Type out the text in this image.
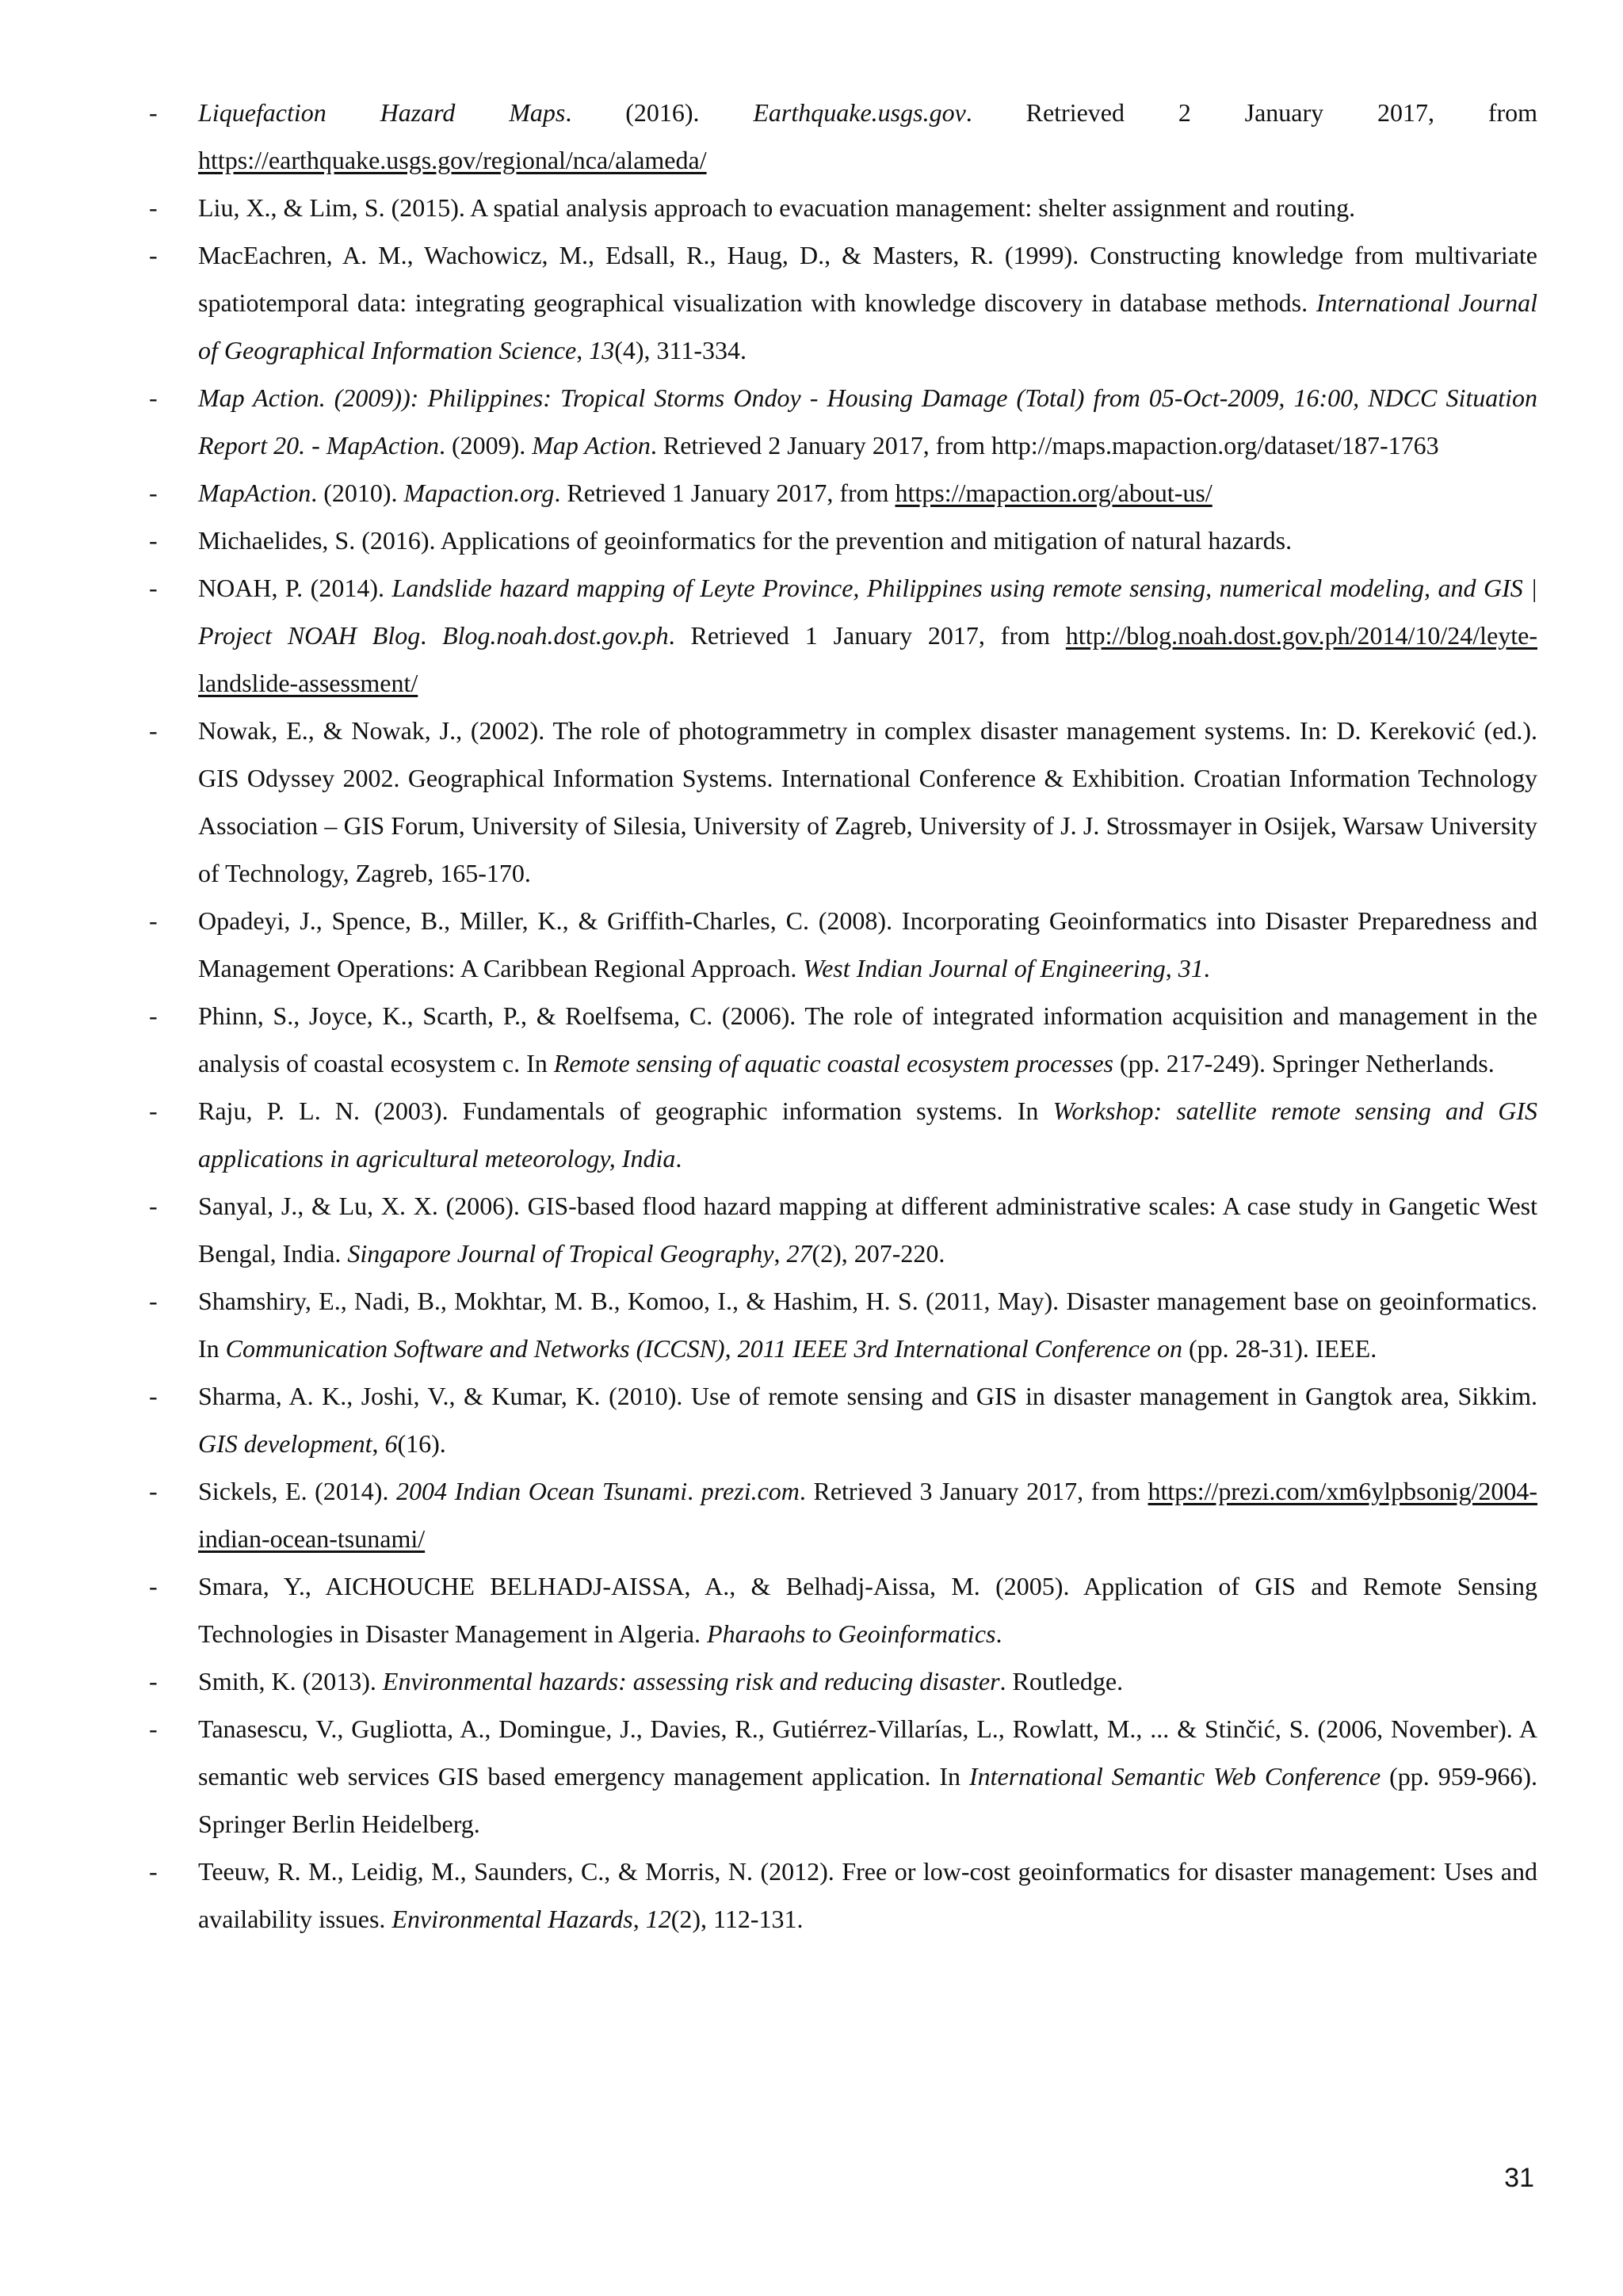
- Liquefaction Hazard Maps. (2016). Earthquake.usgs.gov. Retrieved 2 January 2017, from https://earthquake.usgs.gov/regional/nca/alameda/
- Liu, X., & Lim, S. (2015). A spatial analysis approach to evacuation management: shelter assignment and routing.
- MacEachren, A. M., Wachowicz, M., Edsall, R., Haug, D., & Masters, R. (1999). Constructing knowledge from multivariate spatiotemporal data: integrating geographical visualization with knowledge discovery in database methods. International Journal of Geographical Information Science, 13(4), 311-334.
- Map Action. (2009)): Philippines: Tropical Storms Ondoy - Housing Damage (Total) from 05-Oct-2009, 16:00, NDCC Situation Report 20. - MapAction. (2009). Map Action. Retrieved 2 January 2017, from http://maps.mapaction.org/dataset/187-1763
- MapAction. (2010). Mapaction.org. Retrieved 1 January 2017, from https://mapaction.org/about-us/
- Michaelides, S. (2016). Applications of geoinformatics for the prevention and mitigation of natural hazards.
- NOAH, P. (2014). Landslide hazard mapping of Leyte Province, Philippines using remote sensing, numerical modeling, and GIS | Project NOAH Blog. Blog.noah.dost.gov.ph. Retrieved 1 January 2017, from http://blog.noah.dost.gov.ph/2014/10/24/leyte-landslide-assessment/
- Nowak, E., & Nowak, J., (2002). The role of photogrammetry in complex disaster management systems. In: D. Kereković (ed.). GIS Odyssey 2002. Geographical Information Systems. International Conference & Exhibition. Croatian Information Technology Association – GIS Forum, University of Silesia, University of Zagreb, University of J. J. Strossmayer in Osijek, Warsaw University of Technology, Zagreb, 165-170.
- Opadeyi, J., Spence, B., Miller, K., & Griffith-Charles, C. (2008). Incorporating Geoinformatics into Disaster Preparedness and Management Operations: A Caribbean Regional Approach. West Indian Journal of Engineering, 31.
- Phinn, S., Joyce, K., Scarth, P., & Roelfsema, C. (2006). The role of integrated information acquisition and management in the analysis of coastal ecosystem c. In Remote sensing of aquatic coastal ecosystem processes (pp. 217-249). Springer Netherlands.
- Raju, P. L. N. (2003). Fundamentals of geographic information systems. In Workshop: satellite remote sensing and GIS applications in agricultural meteorology, India.
- Sanyal, J., & Lu, X. X. (2006). GIS-based flood hazard mapping at different administrative scales: A case study in Gangetic West Bengal, India. Singapore Journal of Tropical Geography, 27(2), 207-220.
- Shamshiry, E., Nadi, B., Mokhtar, M. B., Komoo, I., & Hashim, H. S. (2011, May). Disaster management base on geoinformatics. In Communication Software and Networks (ICCSN), 2011 IEEE 3rd International Conference on (pp. 28-31). IEEE.
- Sharma, A. K., Joshi, V., & Kumar, K. (2010). Use of remote sensing and GIS in disaster management in Gangtok area, Sikkim. GIS development, 6(16).
- Sickels, E. (2014). 2004 Indian Ocean Tsunami. prezi.com. Retrieved 3 January 2017, from https://prezi.com/xm6ylpbsonig/2004-indian-ocean-tsunami/
- Smara, Y., AICHOUCHE BELHADJ-AISSA, A., & Belhadj-Aissa, M. (2005). Application of GIS and Remote Sensing Technologies in Disaster Management in Algeria. Pharaohs to Geoinformatics.
- Smith, K. (2013). Environmental hazards: assessing risk and reducing disaster. Routledge.
- Tanasescu, V., Gugliotta, A., Domingue, J., Davies, R., Gutiérrez-Villarías, L., Rowlatt, M., ... & Stinčić, S. (2006, November). A semantic web services GIS based emergency management application. In International Semantic Web Conference (pp. 959-966). Springer Berlin Heidelberg.
- Teeuw, R. M., Leidig, M., Saunders, C., & Morris, N. (2012). Free or low-cost geoinformatics for disaster management: Uses and availability issues. Environmental Hazards, 12(2), 112-131.
31
